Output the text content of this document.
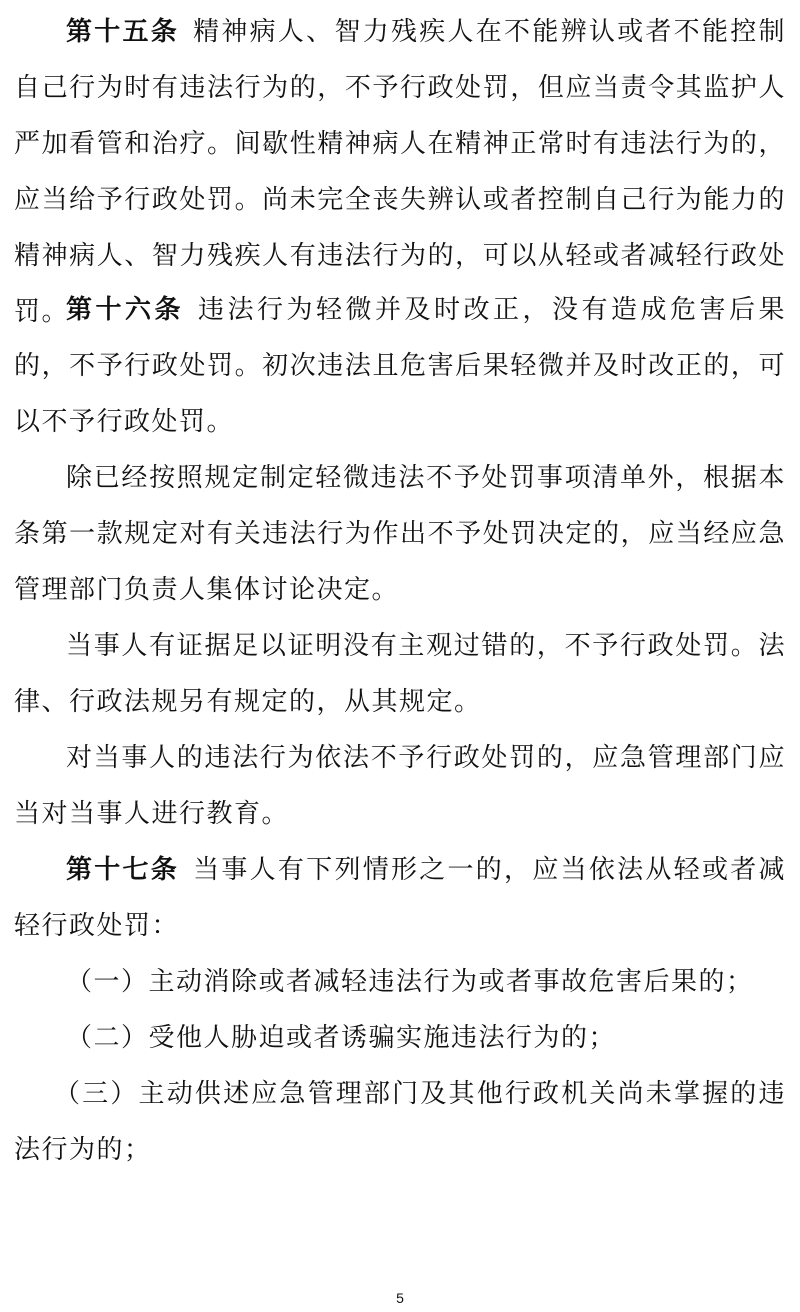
第十五条 精神病人、智力残疾人在不能辨认或者不能控制自己行为时有违法行为的，不予行政处罚，但应当责令其监护人严加看管和治疗。间歇性精神病人在精神正常时有违法行为的，应当给予行政处罚。尚未完全丧失辨认或者控制自己行为能力的精神病人、智力残疾人有违法行为的，可以从轻或者减轻行政处罚。

第十六条 违法行为轻微并及时改正，没有造成危害后果的，不予行政处罚。初次违法且危害后果轻微并及时改正的，可以不予行政处罚。

除已经按照规定制定轻微违法不予处罚事项清单外，根据本条第一款规定对有关违法行为作出不予处罚决定的，应当经应急管理部门负责人集体讨论决定。

当事人有证据足以证明没有主观过错的，不予行政处罚。法律、行政法规另有规定的，从其规定。

对当事人的违法行为依法不予行政处罚的，应急管理部门应当对当事人进行教育。

第十七条 当事人有下列情形之一的，应当依法从轻或者减轻行政处罚：

（一）主动消除或者减轻违法行为或者事故危害后果的；

（二）受他人胁迫或者诱骗实施违法行为的；

（三）主动供述应急管理部门及其他行政机关尚未掌握的违法行为的；

5
